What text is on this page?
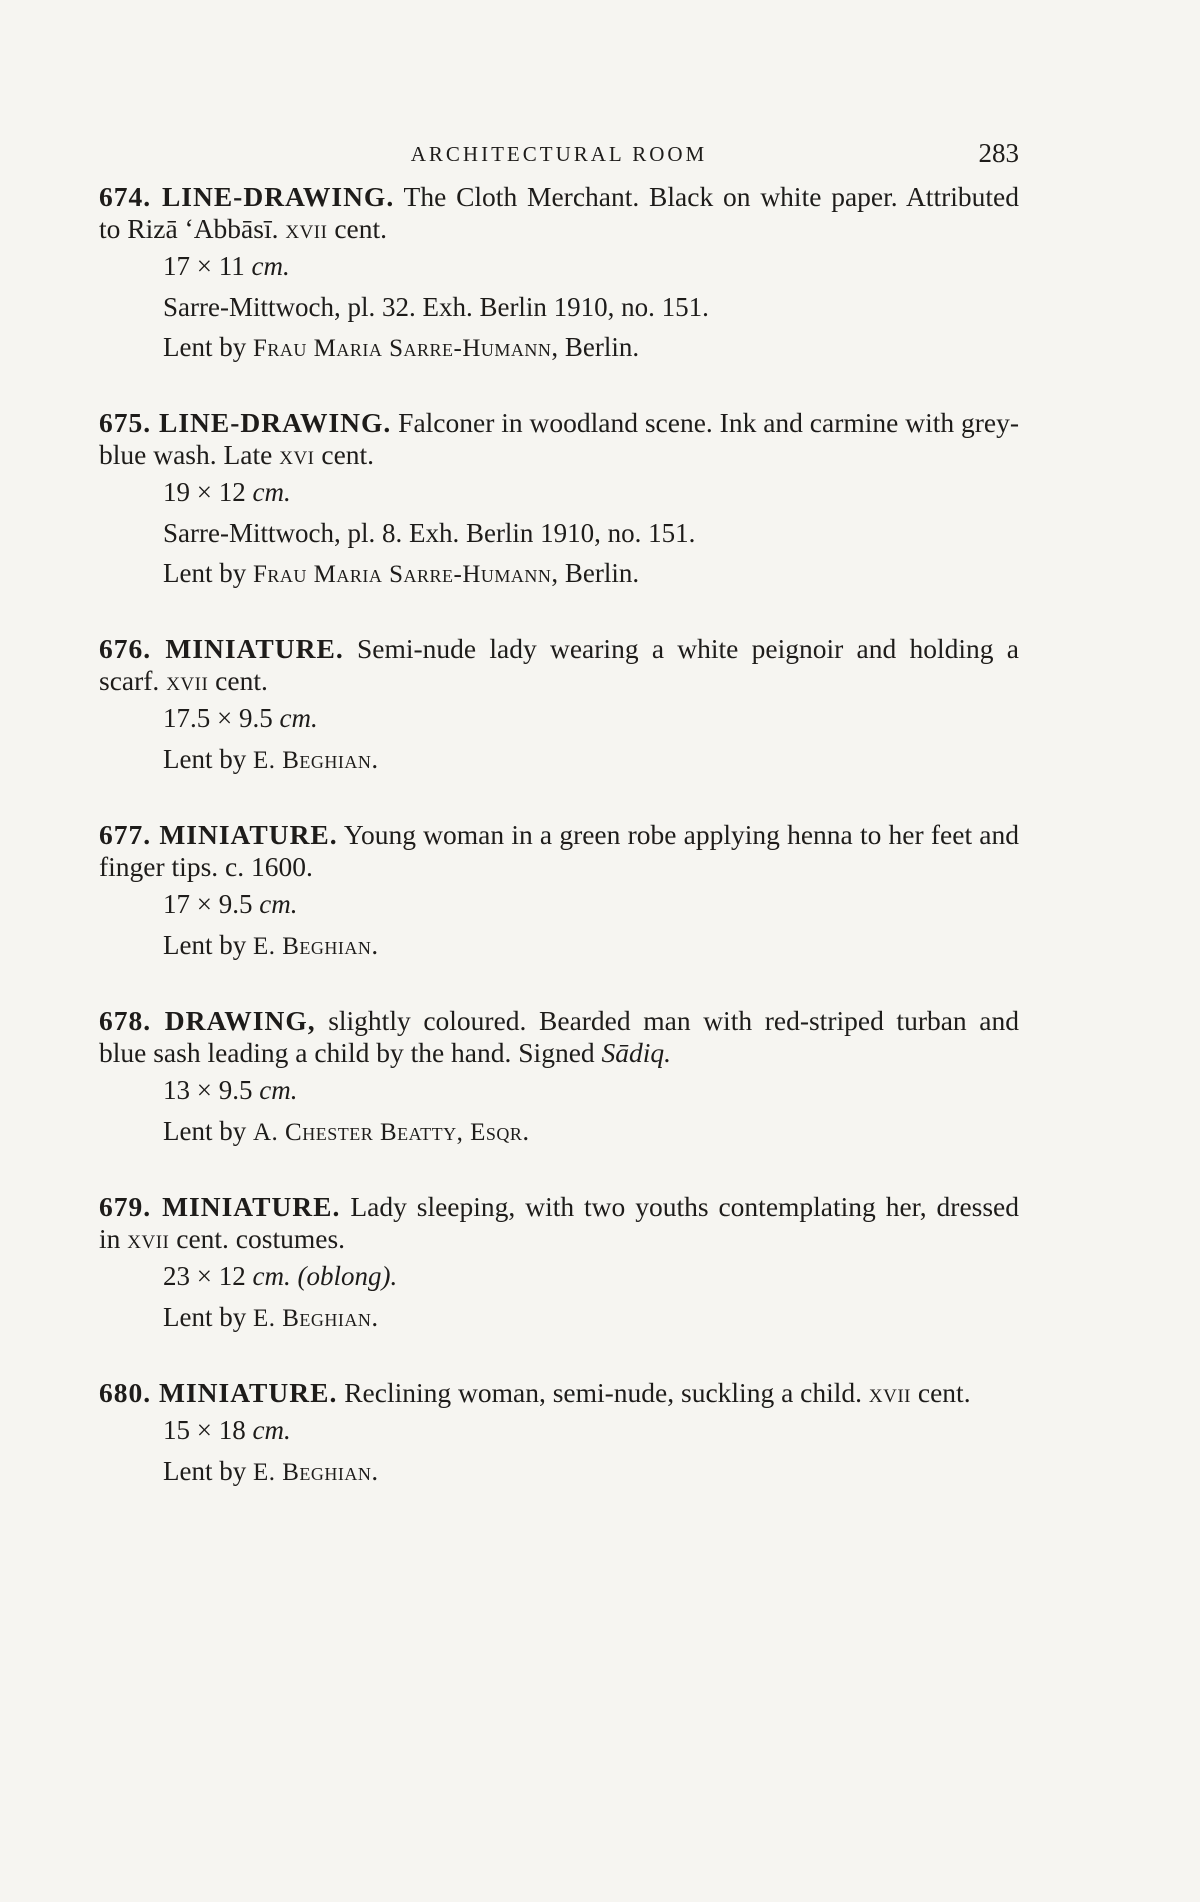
ARCHITECTURAL ROOM	283
674. LINE-DRAWING. The Cloth Merchant. Black on white paper. Attributed to Rizā ‘Abbāsī. xvii cent.
17 × 11 cm.
Sarre-Mittwoch, pl. 32. Exh. Berlin 1910, no. 151.
Lent by Frau Maria Sarre-Humann, Berlin.
675. LINE-DRAWING. Falconer in woodland scene. Ink and carmine with grey-blue wash. Late xvi cent.
19 × 12 cm.
Sarre-Mittwoch, pl. 8. Exh. Berlin 1910, no. 151.
Lent by Frau Maria Sarre-Humann, Berlin.
676. MINIATURE. Semi-nude lady wearing a white peignoir and holding a scarf. xvii cent.
17.5 × 9.5 cm.
Lent by E. Beghian.
677. MINIATURE. Young woman in a green robe applying henna to her feet and finger tips. c. 1600.
17 × 9.5 cm.
Lent by E. Beghian.
678. DRAWING, slightly coloured. Bearded man with red-striped turban and blue sash leading a child by the hand. Signed Sādiq.
13 × 9.5 cm.
Lent by A. Chester Beatty, Esqr.
679. MINIATURE. Lady sleeping, with two youths contemplating her, dressed in xvii cent. costumes.
23 × 12 cm. (oblong).
Lent by E. Beghian.
680. MINIATURE. Reclining woman, semi-nude, suckling a child. xvii cent.
15 × 18 cm.
Lent by E. Beghian.
